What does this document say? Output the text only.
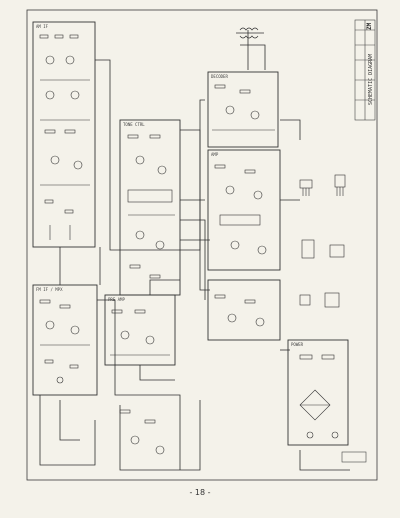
SCHEMATIC DIAGRAM
ZM
AM IF
FM IF / MPX
PRE AMP
TONE CTRL
DECODER
AMP
POWER
- 18 -
